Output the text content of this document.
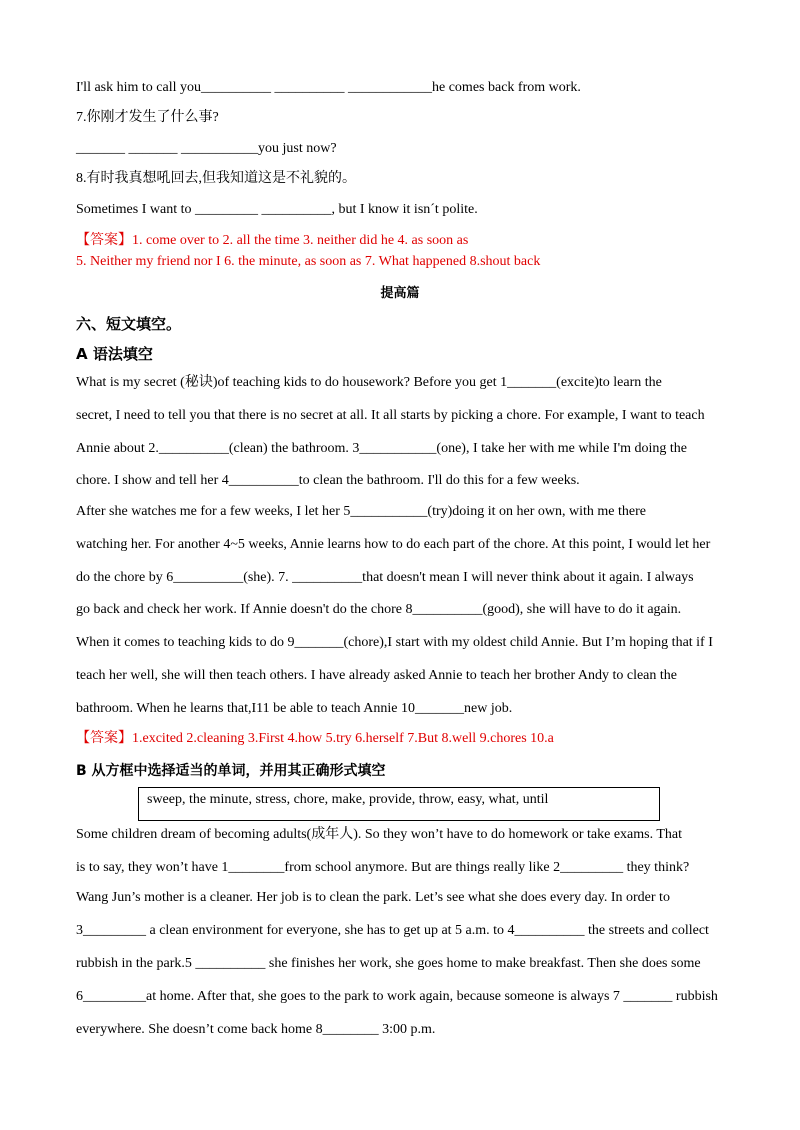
I'll ask him to call you__________ __________ ____________he comes back from work.
7.你刚才发生了什么事?
_______ _______ ___________you just now?
8.有时我真想吼回去,但我知道这是不礼貌的。
Sometimes I want to _________ __________, but I know it isn´t polite.
【答案】1. come over to 2. all the time 3. neither did he 4. as soon as
5. Neither my friend nor I 6. the minute, as soon as 7. What happened 8.shout back
提高篇
六、短文填空。
A 语法填空
What is my secret (秘诀)of teaching kids to do housework? Before you get 1_______(excite)to learn the
secret, I need to tell you that there is no secret at all. It all starts by picking a chore. For example, I want to teach
Annie about 2.__________(clean) the bathroom. 3___________(one), I take her with me while I'm doing the
chore. I show and tell her 4__________to clean the bathroom. I'll do this for a few weeks.
After she watches me for a few weeks, I let her 5___________(try)doing it on her own, with me there
watching her. For another 4~5 weeks, Annie learns how to do each part of the chore. At this point, I would let her
do the chore by 6__________(she). 7. __________that doesn't mean I will never think about it again. I always
go back and check her work. If Annie doesn't do the chore 8__________(good), she will have to do it again.
When it comes to teaching kids to do 9_______(chore),I start with my oldest child Annie. But I’m hoping that if I
teach her well, she will then teach others. I have already asked Annie to teach her brother Andy to clean the
bathroom. When he learns that,I11 be able to teach Annie 10_______new job.
【答案】1.excited 2.cleaning 3.First 4.how 5.try 6.herself 7.But 8.well 9.chores 10.a
B 从方框中选择适当的单词，并用其正确形式填空
sweep, the minute, stress, chore, make, provide, throw, easy, what, until
Some children dream of becoming adults(成年人). So they won’t have to do homework or take exams. That
is to say, they won’t have 1________from school anymore. But are things really like 2_________ they think?
Wang Jun’s mother is a cleaner. Her job is to clean the park. Let’s see what she does every day. In order to
3_________ a clean environment for everyone, she has to get up at 5 a.m. to 4__________ the streets and collect
rubbish in the park.5 __________ she finishes her work, she goes home to make breakfast. Then she does some
6_________at home. After that, she goes to the park to work again, because someone is always 7 _______ rubbish
everywhere. She doesn’t come back home 8________ 3:00 p.m.
